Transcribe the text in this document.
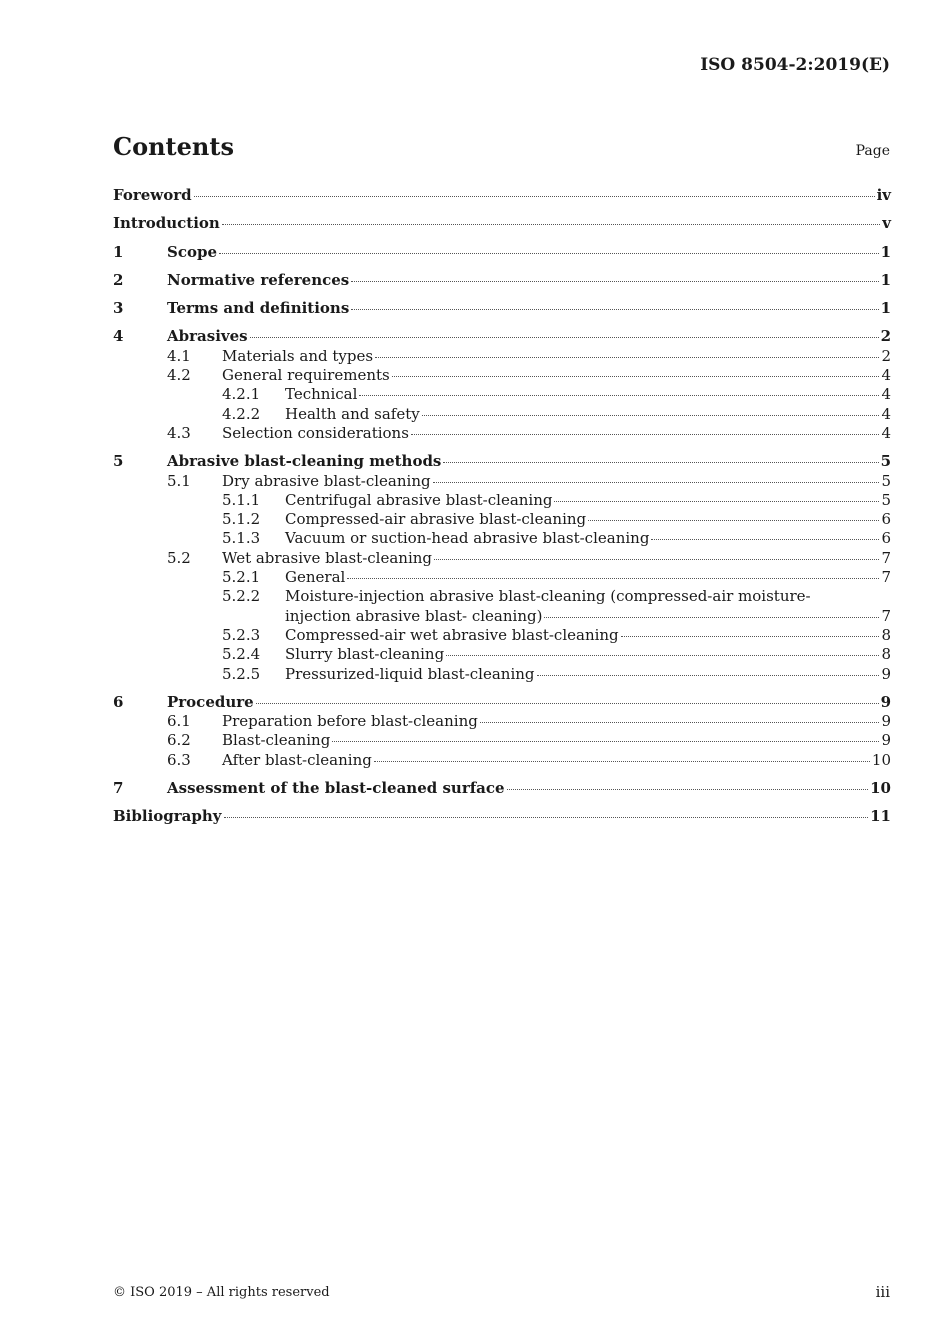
ISO 8504-2:2019(E)
Contents	Page
Foreword	iv
Introduction	v
1	Scope	1
2	Normative references	1
3	Terms and definitions	1
4	Abrasives	2
4.1 Materials and types	2
4.2 General requirements	4
4.2.1 Technical	4
4.2.2 Health and safety	4
4.3 Selection considerations	4
5	Abrasive blast-cleaning methods	5
5.1 Dry abrasive blast-cleaning	5
5.1.1 Centrifugal abrasive blast-cleaning	5
5.1.2 Compressed-air abrasive blast-cleaning	6
5.1.3 Vacuum or suction-head abrasive blast-cleaning	6
5.2 Wet abrasive blast-cleaning	7
5.2.1 General	7
5.2.2 Moisture-injection abrasive blast-cleaning (compressed-air moisture-
injection abrasive blast- cleaning)	7
5.2.3 Compressed-air wet abrasive blast-cleaning	8
5.2.4 Slurry blast-cleaning	8
5.2.5 Pressurized-liquid blast-cleaning	9
6	Procedure	9
6.1 Preparation before blast-cleaning	9
6.2 Blast-cleaning	9
6.3 After blast-cleaning	10
7	Assessment of the blast-cleaned surface	10
Bibliography	11
© ISO 2019 – All rights reserved	iii
